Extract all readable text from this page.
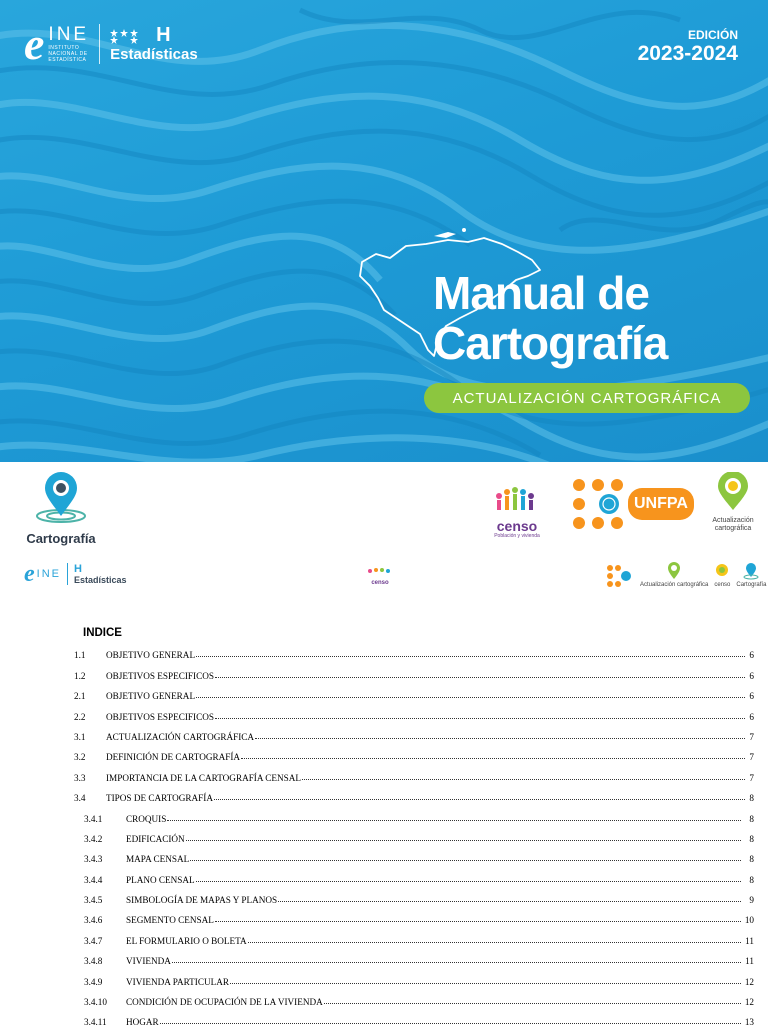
e INE
INSTITUTO
NACIONAL DE
ESTADÍSTICA
H
Estadísticas
EDICIÓN
2023-2024
Manual de
Cartografía
ACTUALIZACIÓN CARTOGRÁFICA
Cartografía
censo
Población y vivienda
UNFPA
Actualización cartográfica
e INE H
Estadísticas	censo	Actualización cartográfica censo Cartografía
INDICE
1.1	OBJETIVO GENERAL	6
1.2	OBJETIVOS ESPECIFICOS	6
2.1	OBJETIVO GENERAL	6
2.2	OBJETIVOS ESPECIFICOS	6
3.1	ACTUALIZACIÓN CARTOGRÁFICA	7
3.2	DEFINICIÓN DE CARTOGRAFÍA	7
3.3	IMPORTANCIA DE LA CARTOGRAFÍA CENSAL	7
3.4	TIPOS DE CARTOGRAFÍA	8
3.4.1	CROQUIS	8
3.4.2	EDIFICACIÓN	8
3.4.3	MAPA CENSAL	8
3.4.4	PLANO CENSAL	8
3.4.5	SIMBOLOGÍA DE MAPAS Y PLANOS	9
3.4.6	SEGMENTO CENSAL	10
3.4.7	EL FORMULARIO O BOLETA	11
3.4.8	VIVIENDA	11
3.4.9	VIVIENDA PARTICULAR	12
3.4.10	CONDICIÓN DE OCUPACIÓN DE LA VIVIENDA	12
3.4.11	HOGAR	13
